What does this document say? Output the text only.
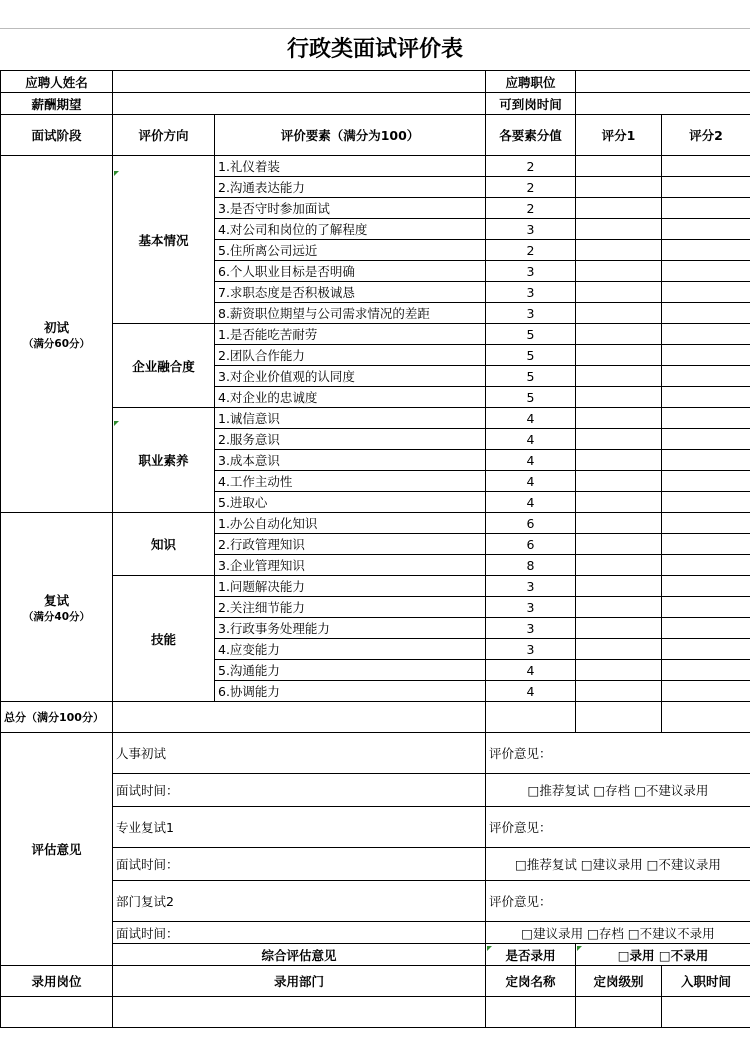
行政类面试评价表
应聘人姓名			应聘职位		
薪酬期望			可到岗时间		
面试阶段	评价方向	评价要素（满分为100）	各要素分值	评分1	评分2
初试

（满分60分）	基本情况	1.礼仪着装	2		
		2.沟通表达能力	2		
		3.是否守时参加面试	2		
		4.对公司和岗位的了解程度	3		
		5.住所离公司远近	2		
		6.个人职业目标是否明确	3		
		7.求职态度是否积极诚恳	3		
		8.薪资职位期望与公司需求情况的差距	3		
	企业融合度	1.是否能吃苦耐劳	5		
		2.团队合作能力	5		
		3.对企业价值观的认同度	5		
		4.对企业的忠诚度	5		
	职业素养	1.诚信意识	4		
		2.服务意识	4		
		3.成本意识	4		
		4.工作主动性	4		
		5.进取心	4		
复试

（满分40分）	知识	1.办公自动化知识	6		
		2.行政管理知识	6		
		3.企业管理知识	8		
	技能	1.问题解决能力	3		
		2.关注细节能力	3		
		3.行政事务处理能力	3		
		4.应变能力	3		
		5.沟通能力	4		
		6.协调能力	4		
总分（满分100分）					
评估意见	人事初试		评价意见：		
	面试时间：		□推荐复试 □存档 □不建议录用		
	专业复试1		评价意见：		
	面试时间：		□推荐复试 □建议录用 □不建议录用		
	部门复试2		评价意见：		
	面试时间：		□建议录用 □存档 □不建议不录用		
	综合评估意见		是否录用	□录用 □不录用	
录用岗位	录用部门		定岗名称	定岗级别	入职时间
